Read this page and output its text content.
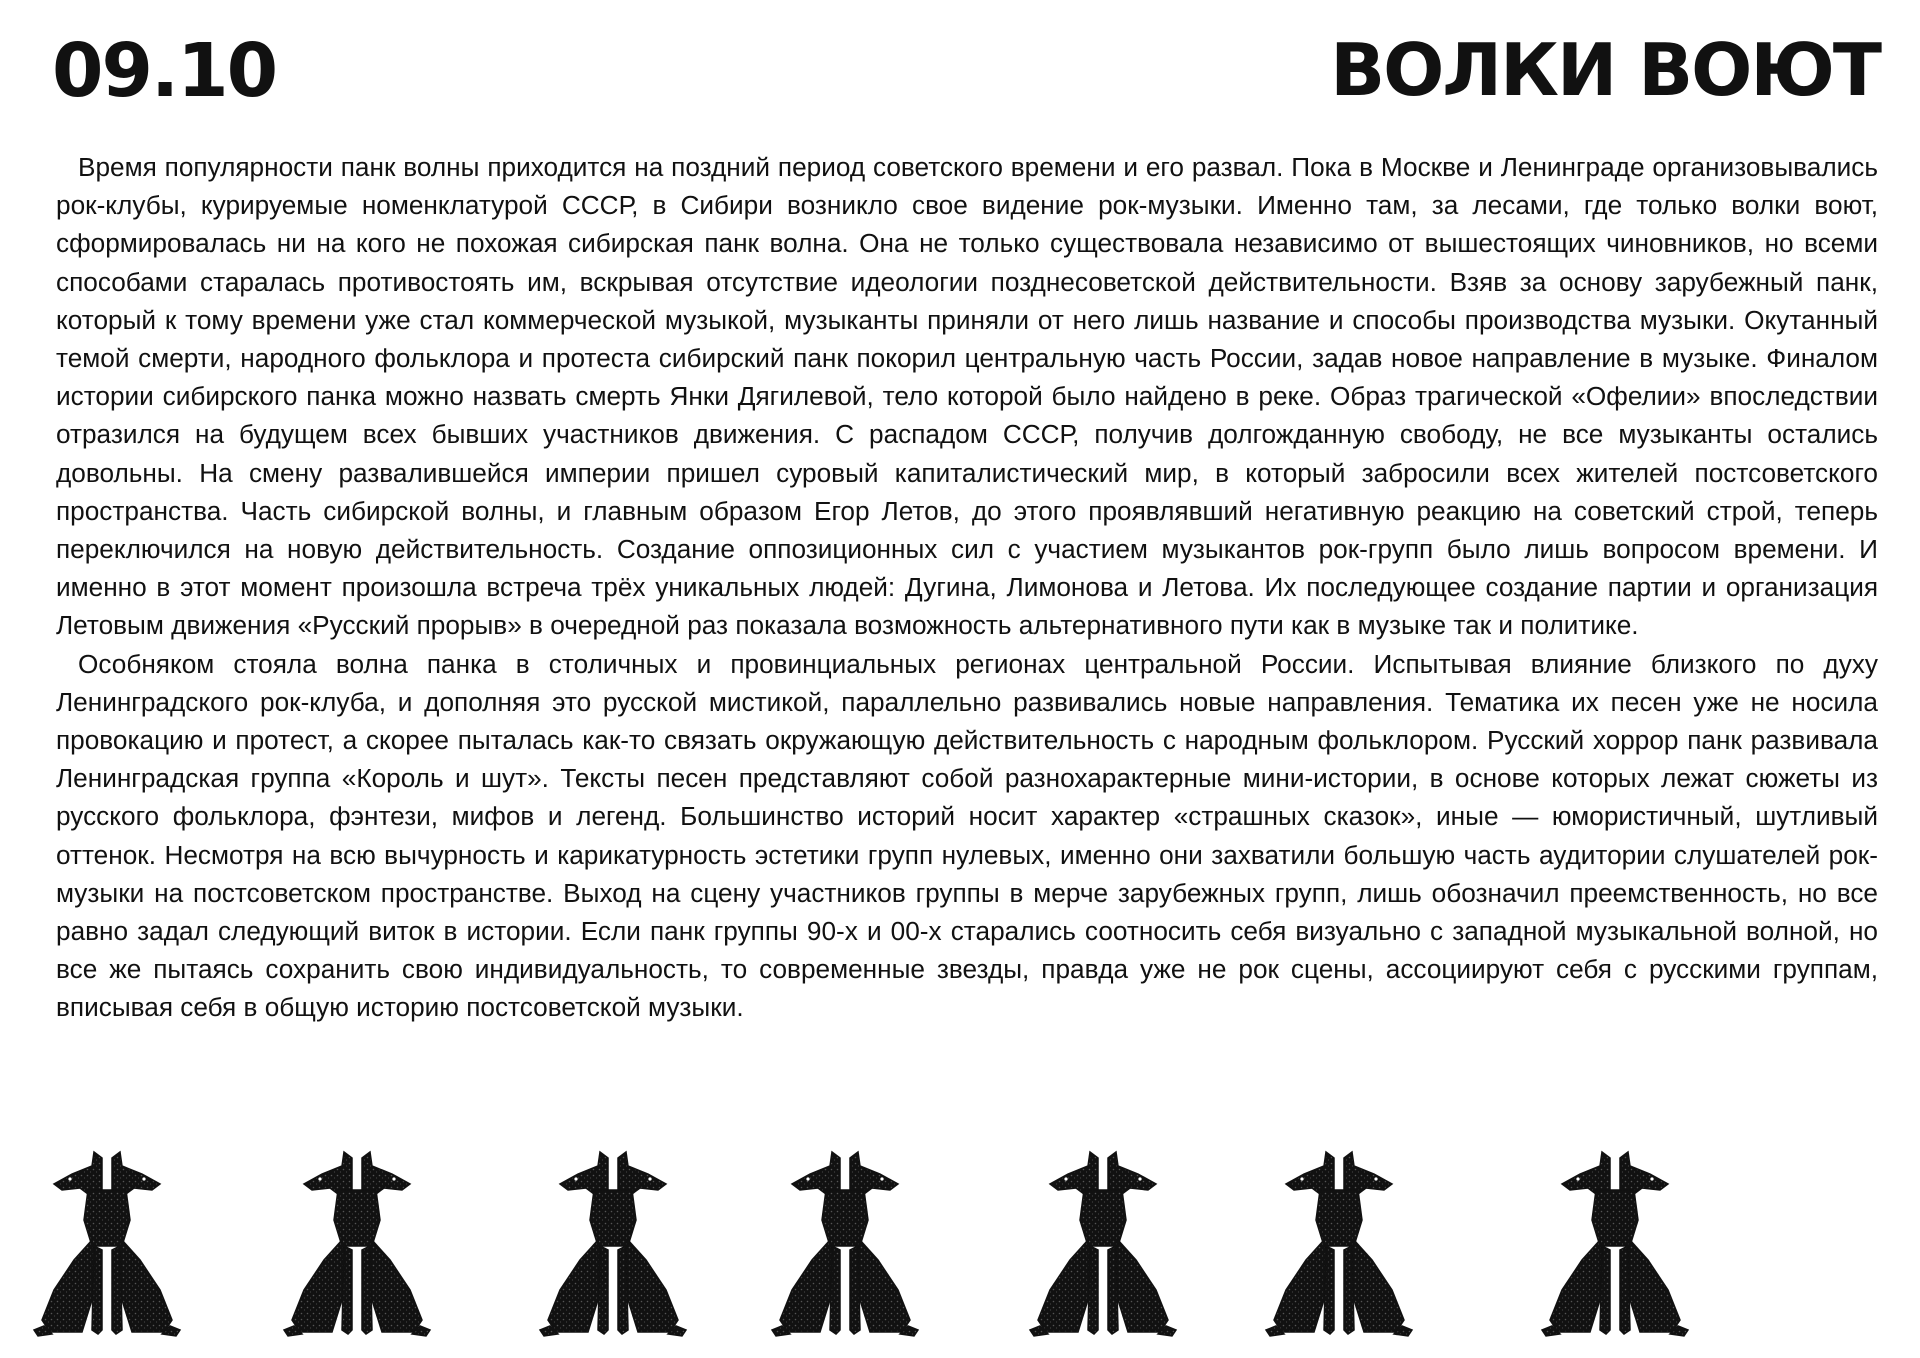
09.10	ВОЛКИ ВОЮТ

Время популярности панк волны приходится на поздний период советского времени и его развал. Пока в Москве и Ленинграде организовывались рок-клубы, курируемые номенклатурой СССР, в Сибири возникло свое видение рок-музыки. Именно там, за лесами, где только волки воют, сформировалась ни на кого не похожая сибирская панк волна. Она не только существовала независимо от вышестоящих чиновников, но всеми способами старалась противостоять им, вскрывая отсутствие идеологии позднесоветской действительности. Взяв за основу зарубежный панк, который к тому времени уже стал коммерческой музыкой, музыканты приняли от него лишь название и способы производства музыки. Окутанный темой смерти, народного фольклора и протеста сибирский панк покорил центральную часть России, задав новое направление в музыке. Финалом истории сибирского панка можно назвать смерть Янки Дягилевой, тело которой было найдено в реке. Образ трагической «Офелии» впоследствии отразился на будущем всех бывших участников движения. С распадом СССР, получив долгожданную свободу, не все музыканты остались довольны. На смену развалившейся империи пришел суровый капиталистический мир, в который забросили всех жителей постсоветского пространства. Часть сибирской волны, и главным образом Егор Летов, до этого проявлявший негативную реакцию на советский строй, теперь переключился на новую действительность. Создание оппозиционных сил с участием музыкантов рок-групп было лишь вопросом времени. И именно в этот момент произошла встреча трёх уникальных людей: Дугина, Лимонова и Летова. Их последующее создание партии и организация Летовым движения «Русский прорыв» в очередной раз показала возможность альтернативного пути как в музыке так и политике.

Особняком стояла волна панка в столичных и провинциальных регионах центральной России. Испытывая влияние близкого по духу Ленинградского рок-клуба, и дополняя это русской мистикой, параллельно развивались новые направления. Тематика их песен уже не носила провокацию и протест, а скорее пыталась как-то связать окружающую действительность с народным фольклором. Русский хоррор панк развивала Ленинградская группа «Король и шут». Тексты песен представляют собой разнохарактерные мини-истории, в основе которых лежат сюжеты из русского фольклора, фэнтези, мифов и легенд. Большинство историй носит характер «страшных сказок», иные — юмористичный, шутливый оттенок. Несмотря на всю вычурность и карикатурность эстетики групп нулевых, именно они захватили большую часть аудитории слушателей рок-музыки на постсоветском пространстве. Выход на сцену участников группы в мерче зарубежных групп, лишь обозначил преемственность, но все равно задал следующий виток в истории. Если панк группы 90-х и 00-х старались соотносить себя визуально с западной музыкальной волной, но все же пытаясь сохранить свою индивидуальность, то современные звезды, правда уже не рок сцены, ассоциируют себя с русскими группам, вписывая себя в общую историю постсоветской музыки.
